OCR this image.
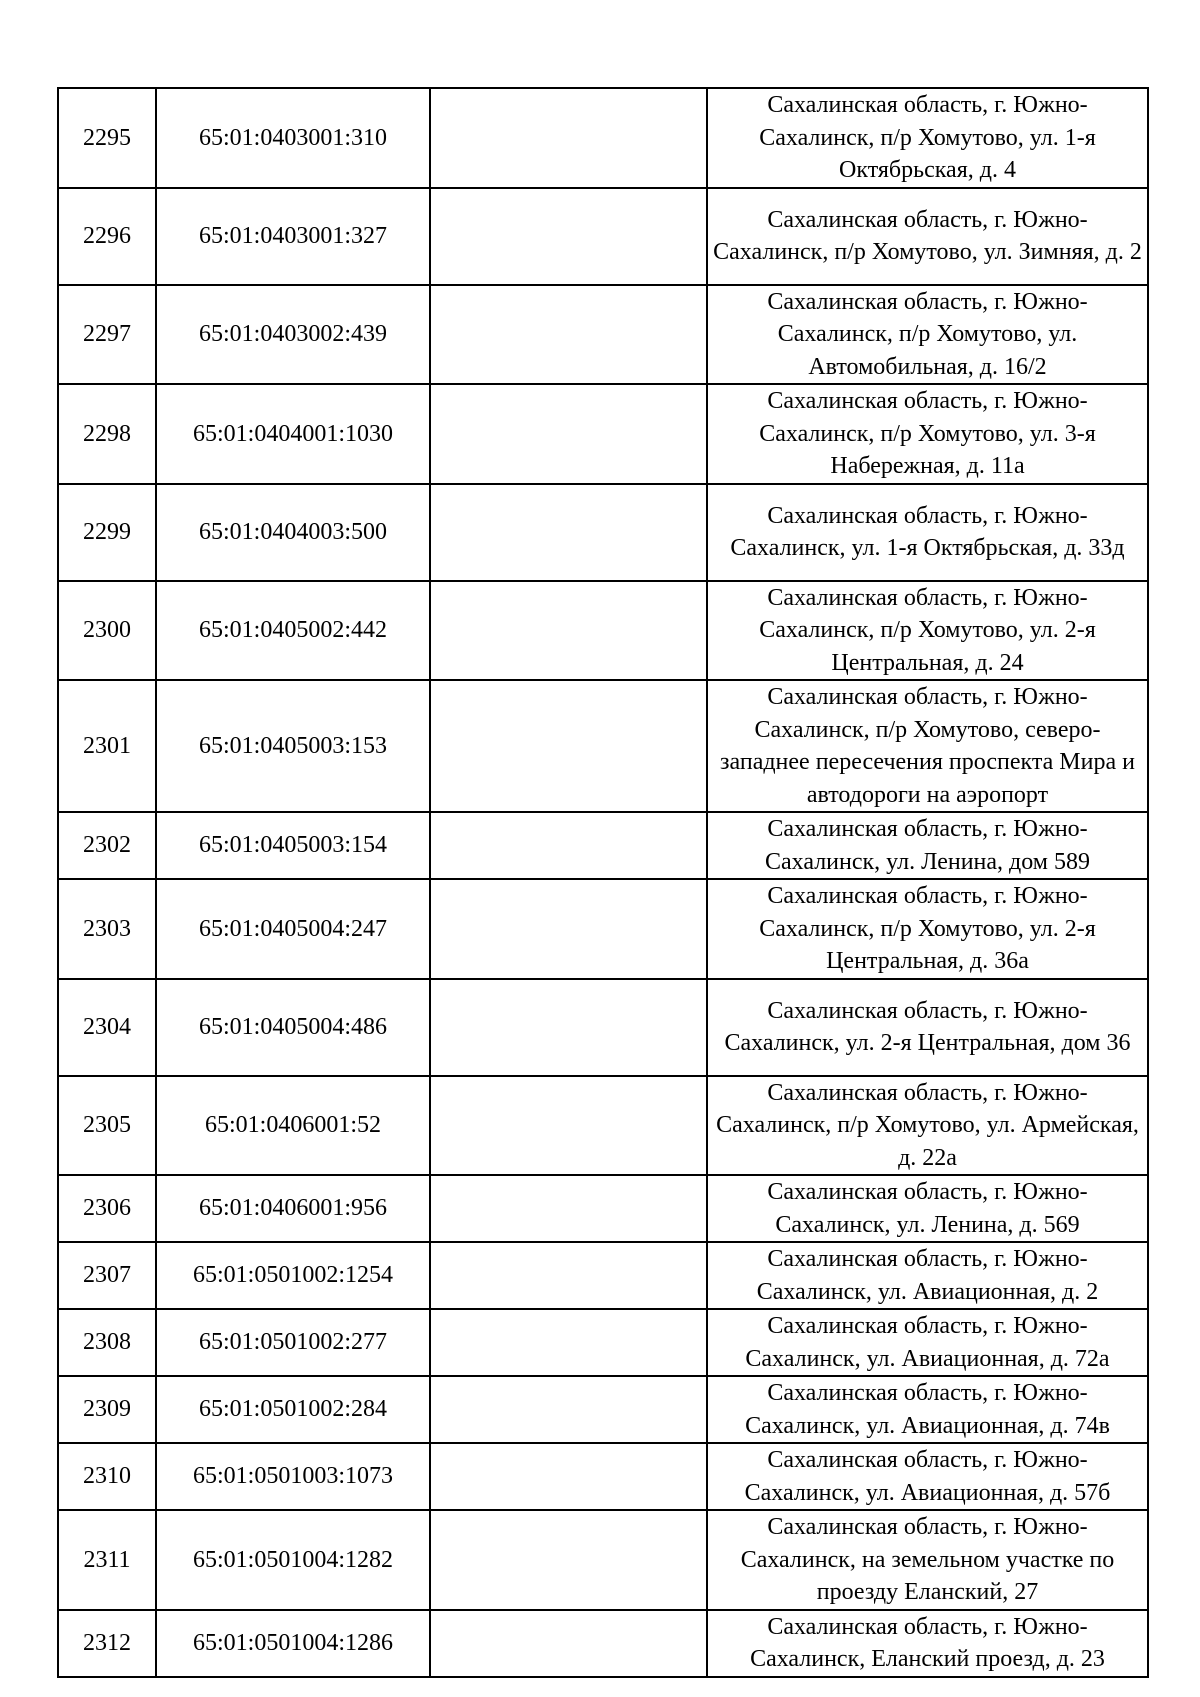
2295	65:01:0403001:310		Сахалинская область, г. Южно-Сахалинск, п/р Хомутово, ул. 1-я Октябрьская, д. 4
2296	65:01:0403001:327		Сахалинская область, г. Южно-Сахалинск, п/р Хомутово, ул. Зимняя, д. 2
2297	65:01:0403002:439		Сахалинская область, г. Южно-Сахалинск, п/р Хомутово, ул. Автомобильная, д. 16/2
2298	65:01:0404001:1030		Сахалинская область, г. Южно-Сахалинск, п/р Хомутово, ул. 3-я Набережная, д. 11а
2299	65:01:0404003:500		Сахалинская область, г. Южно-Сахалинск, ул. 1-я Октябрьская, д. 33д
2300	65:01:0405002:442		Сахалинская область, г. Южно-Сахалинск, п/р Хомутово, ул. 2-я Центральная, д. 24
2301	65:01:0405003:153		Сахалинская область, г. Южно-Сахалинск, п/р Хомутово, северо-западнее пересечения проспекта Мира и автодороги на аэропорт
2302	65:01:0405003:154		Сахалинская область, г. Южно-Сахалинск, ул. Ленина, дом 589
2303	65:01:0405004:247		Сахалинская область, г. Южно-Сахалинск, п/р Хомутово, ул. 2-я Центральная, д. 36а
2304	65:01:0405004:486		Сахалинская область, г. Южно-Сахалинск, ул. 2-я Центральная, дом 36
2305	65:01:0406001:52		Сахалинская область, г. Южно-Сахалинск, п/р Хомутово, ул. Армейская, д. 22а
2306	65:01:0406001:956		Сахалинская область, г. Южно-Сахалинск, ул. Ленина, д. 569
2307	65:01:0501002:1254		Сахалинская область, г. Южно-Сахалинск, ул. Авиационная, д. 2
2308	65:01:0501002:277		Сахалинская область, г. Южно-Сахалинск, ул. Авиационная, д. 72а
2309	65:01:0501002:284		Сахалинская область, г. Южно-Сахалинск, ул. Авиационная, д. 74в
2310	65:01:0501003:1073		Сахалинская область, г. Южно-Сахалинск, ул. Авиационная, д. 57б
2311	65:01:0501004:1282		Сахалинская область, г. Южно-Сахалинск, на земельном участке по проезду Еланский, 27
2312	65:01:0501004:1286		Сахалинская область, г. Южно-Сахалинск, Еланский проезд, д. 23
